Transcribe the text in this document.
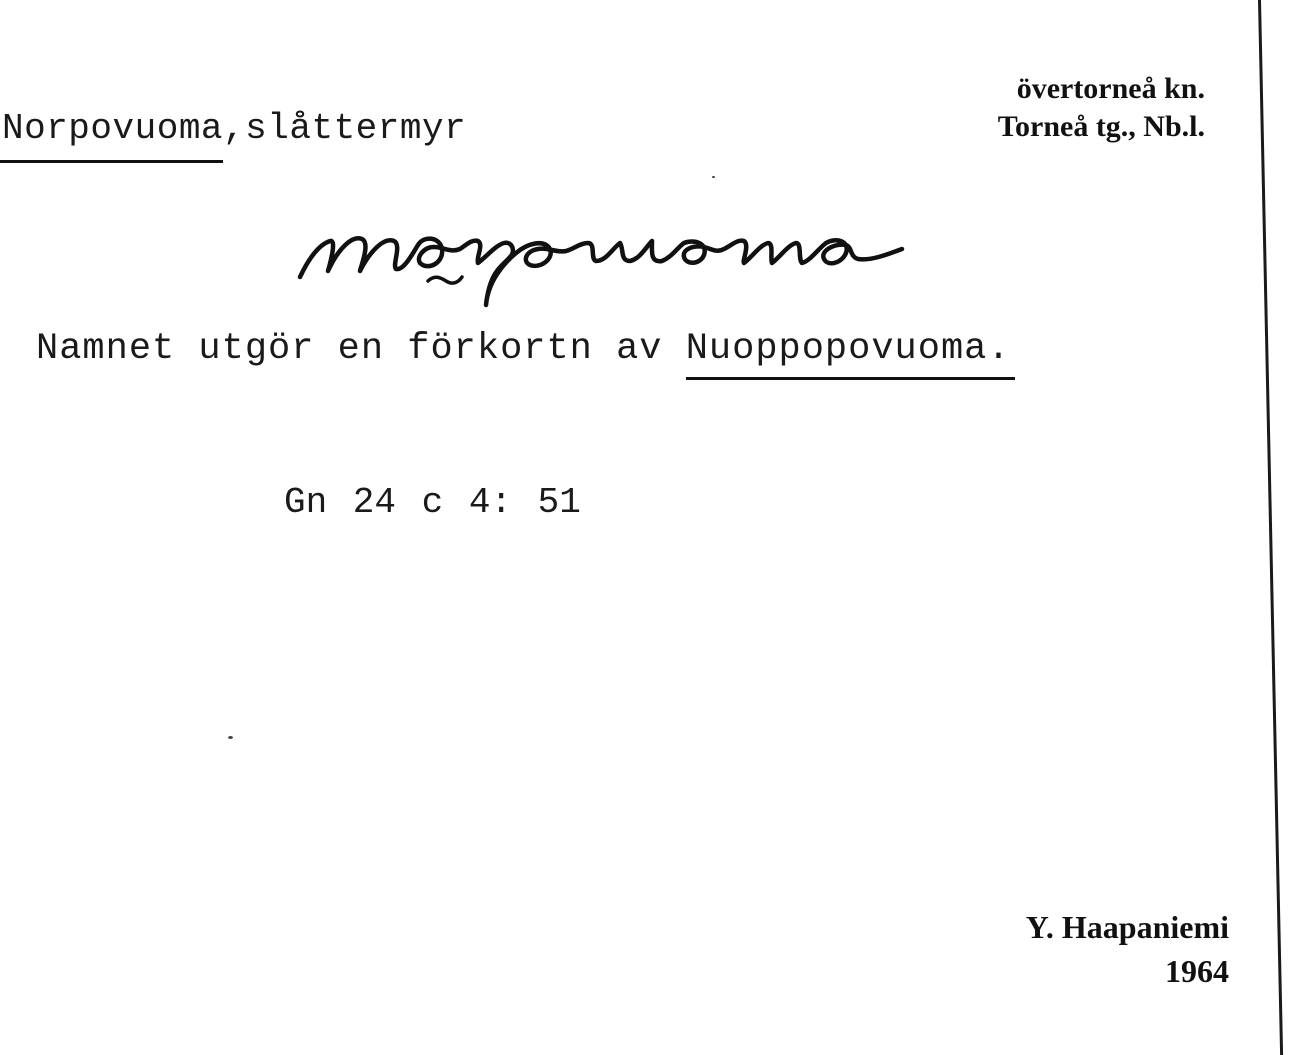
Norpovuoma,slåttermyr
övertorneå kn.
Torneå tg., Nb.l.
Namnet utgör en förkortn av Nuoppopovuoma.
Gn 24 c 4: 51
Y. Haapaniemi
1964
